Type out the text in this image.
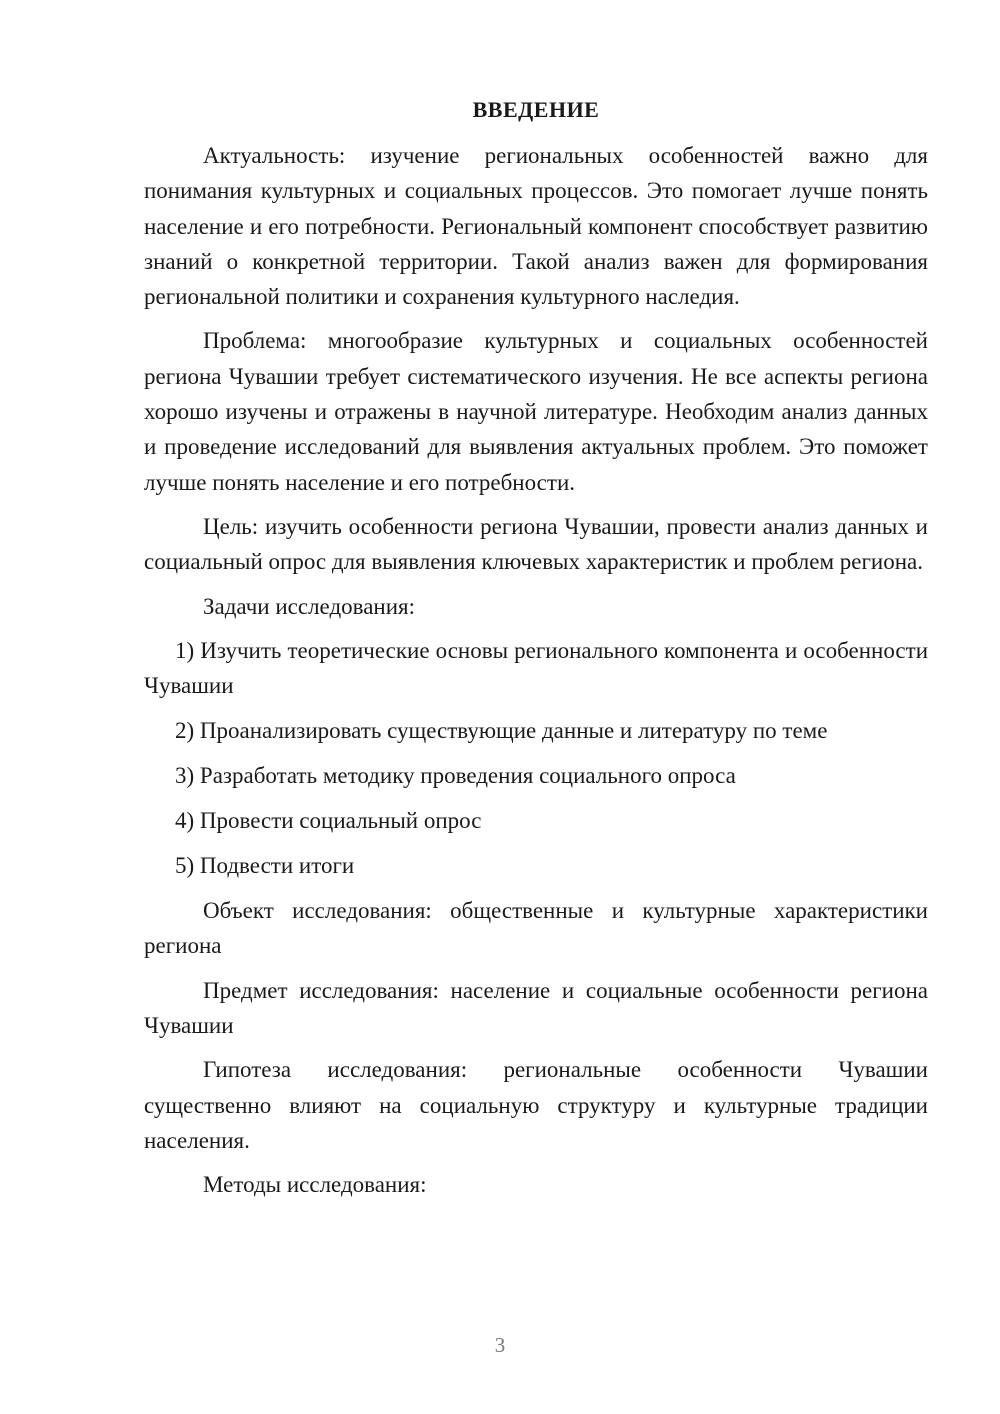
ВВЕДЕНИЕ

Актуальность: изучение региональных особенностей важно для понимания культурных и социальных процессов. Это помогает лучше понять население и его потребности. Региональный компонент способствует развитию знаний о конкретной территории. Такой анализ важен для формирования региональной политики и сохранения культурного наследия.

Проблема: многообразие культурных и социальных особенностей региона Чувашии требует систематического изучения. Не все аспекты региона хорошо изучены и отражены в научной литературе. Необходим анализ данных и проведение исследований для выявления актуальных проблем. Это поможет лучше понять население и его потребности.

Цель: изучить особенности региона Чувашии, провести анализ данных и социальный опрос для выявления ключевых характеристик и проблем региона.

Задачи исследования:

1) Изучить теоретические основы регионального компонента и особенности Чувашии

2) Проанализировать существующие данные и литературу по теме

3) Разработать методику проведения социального опроса

4) Провести социальный опрос

5) Подвести итоги

Объект исследования: общественные и культурные характеристики региона

Предмет исследования: население и социальные особенности региона Чувашии

Гипотеза исследования: региональные особенности Чувашии существенно влияют на социальную структуру и культурные традиции населения.

Методы исследования:

3
